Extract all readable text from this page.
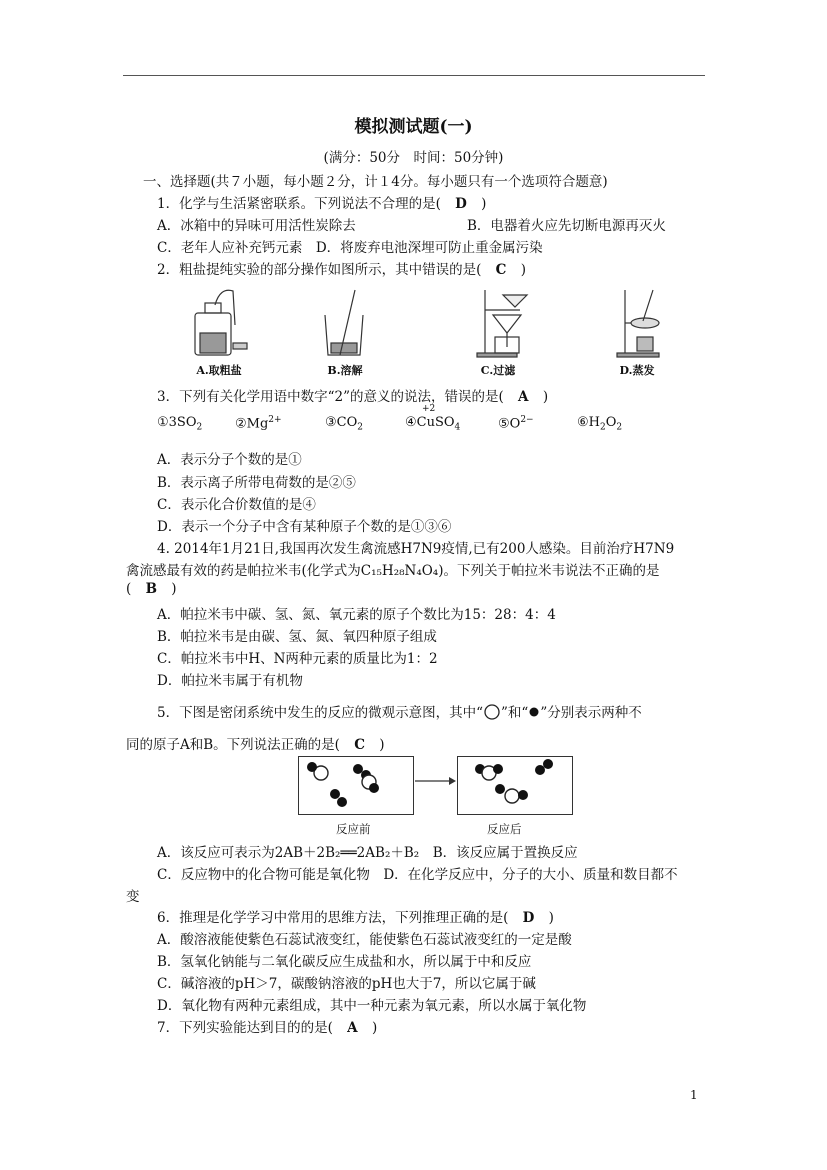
模拟测试题(一)
(满分：50分　时间：50分钟)
一、选择题(共７小题，每小题２分，计１4分。每小题只有一个选项符合题意)
1．化学与生活紧密联系。下列说法不合理的是( D )
A．冰箱中的异味可用活性炭除去	B．电器着火应先切断电源再灭火
C．老年人应补充钙元素　D．将废弃电池深埋可防止重金属污染
2．粗盐提纯实验的部分操作如图所示，其中错误的是( C )
A.取粗盐	B.溶解	C.过滤	D.蒸发
3．下列有关化学用语中数字“2”的意义的说法，错误的是( A )
$①3SO_2$	$②Mg^{2+}$	$③CO_2$
+2
④CuSO$_4$	$⑤O^{2-}$	$⑥H_2O_2$
A．表示分子个数的是①
B．表示离子所带电荷数的是②⑤
C．表示化合价数值的是④
D．表示一个分子中含有某种原子个数的是①③⑥
4. 2014年1月21日,我国再次发生禽流感H7N9疫情,已有200人感染。目前治疗H7N9
禽流感最有效的药是帕拉米韦(化学式为C₁₅H₂₈N₄O₄)。下列关于帕拉米韦说法不正确的是
( B )
A．帕拉米韦中碳、氢、氮、氧元素的原子个数比为15：28：4：4
B．帕拉米韦是由碳、氢、氮、氧四种原子组成
C．帕拉米韦中H、N两种元素的质量比为1：2
D．帕拉米韦属于有机物
5．下图是密闭系统中发生的反应的微观示意图，其中“ ”和“ ”分别表示两种不
同的原子A和B。下列说法正确的是( C )
反应前	反应后
A．该反应可表示为2AB＋2B₂══2AB₂＋B₂　B．该反应属于置换反应
C．反应物中的化合物可能是氧化物　D．在化学反应中，分子的大小、质量和数目都不
变
6．推理是化学学习中常用的思维方法，下列推理正确的是( D )
A．酸溶液能使紫色石蕊试液变红，能使紫色石蕊试液变红的一定是酸
B．氢氧化钠能与二氧化碳反应生成盐和水，所以属于中和反应
C．碱溶液的pH＞7，碳酸钠溶液的pH也大于7，所以它属于碱
D．氧化物有两种元素组成，其中一种元素为氧元素，所以水属于氧化物
7．下列实验能达到目的的是( A )
1
